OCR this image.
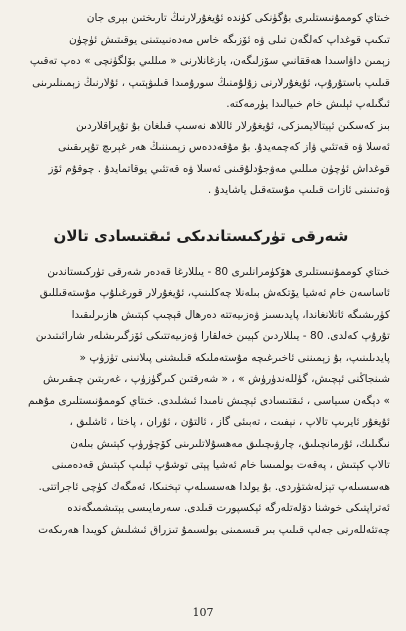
خىتاي كوممۇنىستلىرى بۇگۈنكى كۈندە ئۇيغۇرلارنىڭ تارىختىن بېرى جان
تىكىپ قوغداپ كەلگەن تىلى ۋە ئۆزىگە خاس مەدەنىيىتىنى يوقىتىش ئۈچۈن
زېمىن داۋاسىدا ھەققانىي سۆزلىگەن، يازغانلارنى « مىللىي بۆلگۈنچى » دەپ تەقىپ
قىلىپ باستۇرۇپ، ئۇيغۇرلارنى زۇلۇمنىڭ سورۇمىدا قىلىۋېتىپ ، ئۇلارنىڭ زېمىنلىرىنى
ئىگىلەپ ئېلىش خام خىيالىدا يۈرمەكتە.

بىز كەسكىن ئېيتالايمىزكى، ئۇيغۇرلار ئاللاھ نەسىپ قىلغان بۇ تۇپراقلاردىن
ئەسلا ۋە قەتئىي ۋاز كەچمەيدۇ. بۇ مۇقەددەس زېمىننىڭ ھەر غېرىچ تۇپرىقىنى
قوغداش ئۈچۈن مىللىي مەۋجۇدلۇقىنى ئەسلا ۋە قەتئىي يوقاتمايدۇ . چوقۇم ئۆز
ۋەتىنىنى ئازات قىلىپ مۇستەقىل ياشايدۇ .

شەرقى تۈركىستاندىكى ئىقتىسادى تالان

خىتاي كوممۇنىستلىرى ھۆكۈمرانلىرى 80 - يىللارغا قەدەر شەرقى تۈركىستاندىن
ئاساسەن خام ئەشيا يۆتكەش بىلەنلا چەكلىنىپ، ئۇيغۇرلار قورغىلۇپ مۇستەقىللىق
كۈرىشىگە ئاتلانغاندا، پايدىسىز ۋەزىيەتتە دەرھال قېچىپ كېتىش ھازىرلىقىدا
تۇرۇپ كەلدى. 80 - يىللاردىن كېيىن خەلقارا ۋەزىيەتتىكى ئۆزگىرىشلەر شارائىتىدىن
پايدىلىنىپ، بۇ زېمىننى ئاخىرغىچە مۇستەملىكە قىلىشنى پىلانىنى تۈزۈپ «
شىنجاڭنى ئېچىش، گۈللەندۈرۈش » ، « شەرقتىن كىرگۈزۈپ ، غەربتىن چىقىرىش
» دېگەن سىياسى ، ئىقتىسادى ئېچىش نامىدا ئىشلىدى. خىتاي كوممۇنىستلىرى مۇھىم
ئۇيغۇر ئايرىپ تالاپ ، نېفىت ، تەبىئى گاز ، ئالتۇن ، ئۇران ، پاختا ، ئاشلىق ،
نىگىلىك، ئۇرمانچىلىق، چارۋىچىلىق مەھسۇلاتلىرىنى كۆچۈرۈپ كېتىش بىلەن
تالاپ كېتىش ، پەقەت بولمىسا خام ئەشيا پېتى توشۇپ ئېلىپ كېتىش قەدەمىنى
ھەسسىلەپ تېزلەشتۈردى. بۇ يولدا ھەسسىلەپ تېخنىكا، ئەمگەك كۈچى ئاجراتتى.
ئەتراپتىكى خوشنا دۆلەتلەرگە ئېكسپورت قىلدى. سەرمايىسى يېتىشمىگەندە
چەتئەللەرنى جەلپ قىلىپ بىر قىسمىنى بولسىمۇ تىزراق ئىشلىش كويىدا ھەرىكەت

107
